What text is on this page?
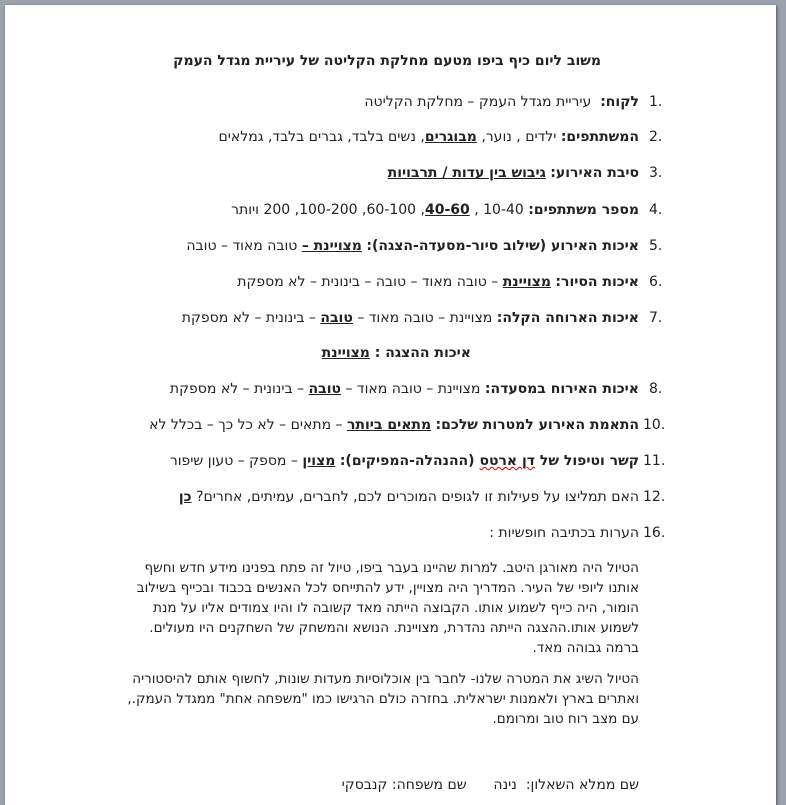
משוב ליום כיף ביפו מטעם מחלקת הקליטה של עיריית מגדל העמק
1.
לקוח:  עיריית מגדל העמק – מחלקת הקליטה
2.
המשתתפים: ילדים , נוער, מבוגרים, נשים בלבד, גברים בלבד, גמלאים
3.
סיבת האירוע: גיבוש בין עדות / תרבויות
4.
מספר משתתפים: 10-40 , 40-60, 60-100, 100-200, 200 ויותר
5.
איכות האירוע (שילוב סיור-מסעדה-הצגה): מצויינת – טובה מאוד – טובה
6.
איכות הסיור: מצויינת – טובה מאוד – טובה – בינונית – לא מספקת
7.
איכות הארוחה הקלה: מצויינת – טובה מאוד – טובה – בינונית – לא מספקת
איכות ההצגה : מצויינת
8.
איכות האירוח במסעדה: מצויינת – טובה מאוד – טובה – בינונית – לא מספקת
10.
התאמת האירוע למטרות שלכם: מתאים ביותר – מתאים – לא כל כך – בכלל לא
11.
קשר וטיפול של דן ארטס (ההנהלה-המפיקים): מצוין – מספק – טעון שיפור
12.
האם תמליצו על פעילות זו לגופים המוכרים לכם, לחברים, עמיתים, אחרים? כן
16.
הערות בכתיבה חופשיות :
הטיול היה מאורגן היטב. למרות שהיינו בעבר ביפו, טיול זה פתח בפנינו מידע חדש וחשף
אותנו ליופי של העיר. המדריך היה מצויין, ידע להתייחס לכל האנשים בכבוד ובכייף בשילוב
הומור, היה כייף לשמוע אותו. הקבוצה הייתה מאד קשובה לו והיו צמודים אליו על מנת
לשמוע אותו.ההצגה הייתה נהדרת, מצויינת. הנושא והמשחק של השחקנים היו מעולים.
ברמה גבוהה מאד.
הטיול השיג את המטרה שלנו- לחבר בין אוכלוסיות מעדות שונות, לחשוף אותם להיסטוריה
ואתרים בארץ ולאמנות ישראלית. בחזרה כולם הרגישו כמו "משפחה אחת" ממגדל העמק.,
עם מצב רוח טוב ומרומם.
שם ממלא השאלון:  נינה      שם משפחה: קנבסקי
